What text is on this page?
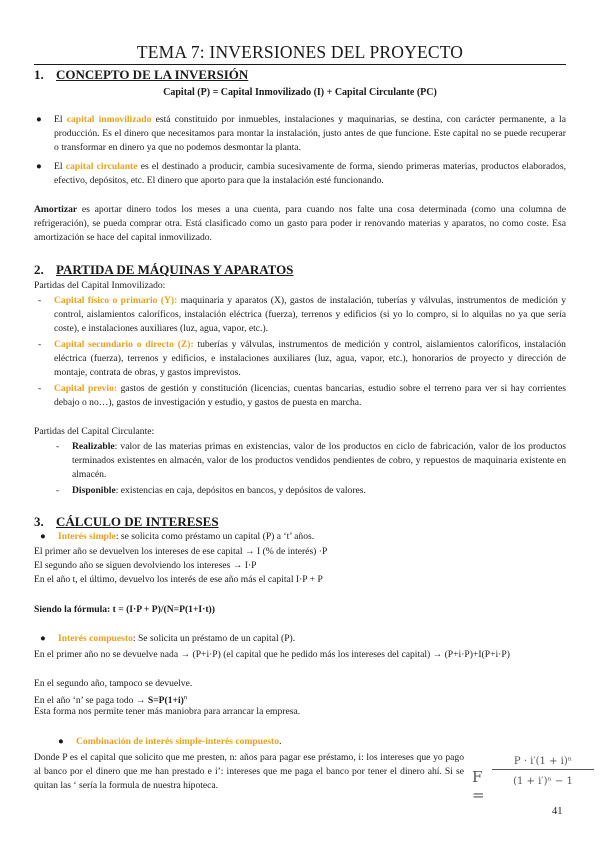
TEMA 7: INVERSIONES DEL PROYECTO
1. CONCEPTO DE LA INVERSIÓN
Capital (P) = Capital Inmovilizado (I) + Capital Circulante (PC)
● El capital inmovilizado está constituido por inmuebles, instalaciones y maquinarias, se destina, con carácter permanente, a la producción. Es el dinero que necesitamos para montar la instalación, justo antes de que funcione. Este capital no se puede recuperar o transformar en dinero ya que no podemos desmontar la planta.
● El capital circulante es el destinado a producir, cambia sucesivamente de forma, siendo primeras materias, productos elaborados, efectivo, depósitos, etc. El dinero que aporto para que la instalación esté funcionando.
Amortizar es aportar dinero todos los meses a una cuenta, para cuando nos falte una cosa determinada (como una columna de refrigeración), se pueda comprar otra. Está clasificado como un gasto para poder ir renovando materias y aparatos, no como coste. Esa amortización se hace del capital inmovilizado.
2. PARTIDA DE MÁQUINAS Y APARATOS
Partidas del Capital Inmovilizado:
- Capital físico o primario (Y): maquinaria y aparatos (X), gastos de instalación, tuberías y válvulas, instrumentos de medición y control, aislamientos caloríficos, instalación eléctrica (fuerza), terrenos y edificios (si yo lo compro, si lo alquilas no ya que sería coste), e instalaciones auxiliares (luz, agua, vapor, etc.).
- Capital secundario o directo (Z): tuberías y válvulas, instrumentos de medición y control, aislamientos caloríficos, instalación eléctrica (fuerza), terrenos y edificios, e instalaciones auxiliares (luz, agua, vapor, etc.), honorarios de proyecto y dirección de montaje, contrata de obras, y gastos imprevistos.
- Capital previo: gastos de gestión y constitución (licencias, cuentas bancarias, estudio sobre el terreno para ver si hay corrientes debajo o no…), gastos de investigación y estudio, y gastos de puesta en marcha.
Partidas del Capital Circulante:
- Realizable: valor de las materias primas en existencias, valor de los productos en ciclo de fabricación, valor de los productos terminados existentes en almacén, valor de los productos vendidos pendientes de cobro, y repuestos de maquinaria existente en almacén.
- Disponible: existencias en caja, depósitos en bancos, y depósitos de valores.
3. CÁLCULO DE INTERESES
● Interés simple: se solicita como préstamo un capital (P) a ‘t’ años.
El primer año se devuelven los intereses de ese capital → I (% de interés) ·P
El segundo año se siguen devolviendo los intereses → I·P
En el año t, el último, devuelvo los interés de ese año más el capital I·P + P
Siendo la fórmula: t = (I·P + P)/(N=P(1+I·t))
● Interés compuesto: Se solicita un préstamo de un capital (P).
En el primer año no se devuelve nada → (P+i·P) (el capital que he pedido más los intereses del capital) → (P+i·P)+I(P+i·P)
En el segundo año, tampoco se devuelve.
En el año ‘n’ se paga todo → $S=P(1+i)^n$
Esta forma nos permite tener más maniobra para arrancar la empresa.
● Combinación de interés simple-interés compuesto.
Donde P es el capital que solicito que me presten, n: años para pagar ese préstamo, i: los intereses que yo pago al banco por el dinero que me han prestado e i’: intereses que me paga el banco por tener el dinero ahí. Si se quitan las ‘ sería la formula de nuestra hipoteca.	F =
P · i′(1 + i)ⁿ
(1 + i′)ⁿ − 1
41
